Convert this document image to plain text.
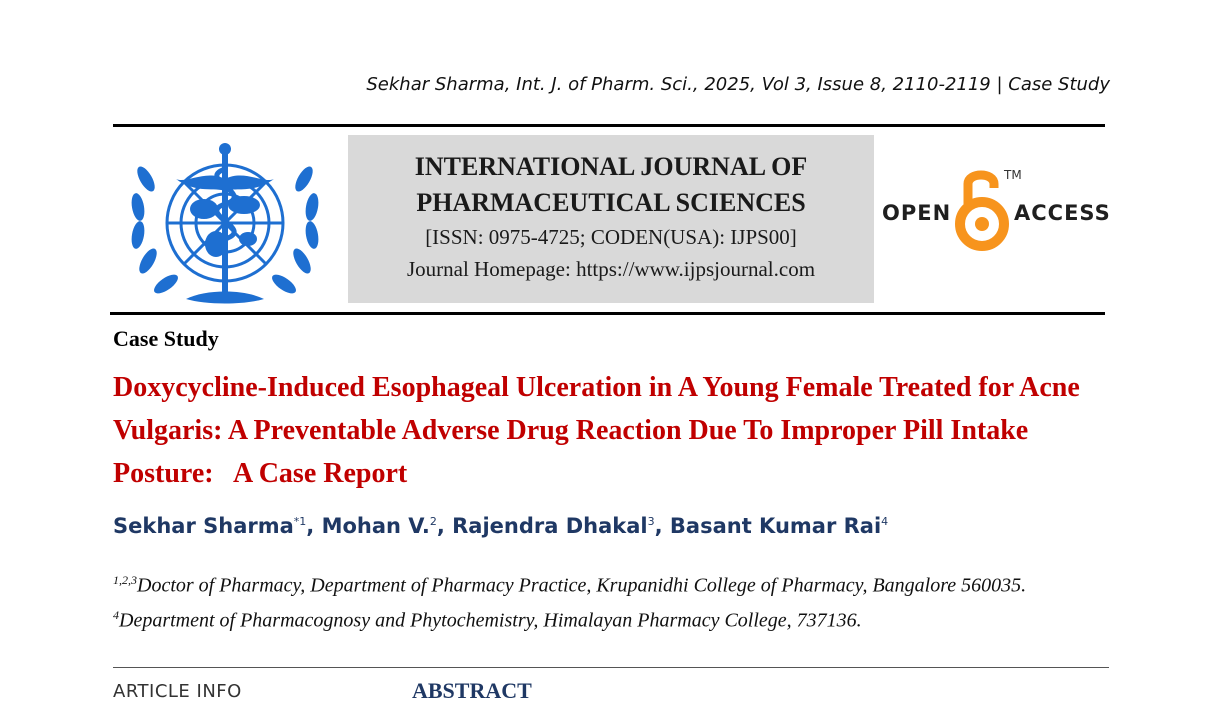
Sekhar Sharma, Int. J. of Pharm. Sci., 2025, Vol 3, Issue 8, 2110-2119 | Case Study
INTERNATIONAL JOURNAL OF
PHARMACEUTICAL SCIENCES
[ISSN: 0975-4725; CODEN(USA): IJPS00]
Journal Homepage: https://www.ijpsjournal.com
OPEN
TM
ACCESS
Case Study
Doxycycline-Induced Esophageal Ulceration in A Young Female Treated for Acne Vulgaris: A Preventable Adverse Drug Reaction Due To Improper Pill Intake Posture:   A Case Report
Sekhar Sharma$^{*1}$, Mohan V.$^2$, Rajendra Dhakal$^3$, Basant Kumar Rai$^4$
$^{1,2,3}$Doctor of Pharmacy, Department of Pharmacy Practice, Krupanidhi College of Pharmacy, Bangalore 560035.
$^4$Department of Pharmacognosy and Phytochemistry, Himalayan Pharmacy College, 737136.
ARTICLE INFO	ABSTRACT
